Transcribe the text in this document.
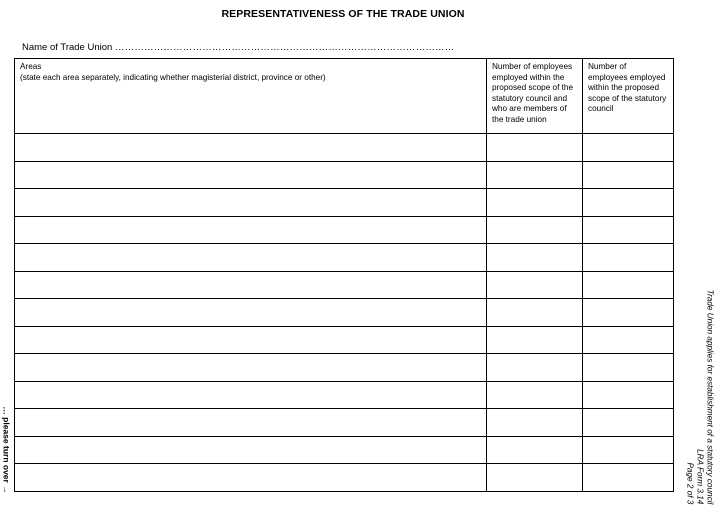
REPRESENTATIVENESS OF THE TRADE UNION
Name of Trade Union ……………………………………………………………………………………………
Areas
(state each area separately, indicating whether magisterial district, province or other)	Number of employees employed within the proposed scope of the statutory council and who are members of the trade union	Number of employees employed within the proposed scope of the statutory council

… please turn over →	Trade Union applies for establishment of a statutory council
LRA Form 3.14
Page 2 of 3
